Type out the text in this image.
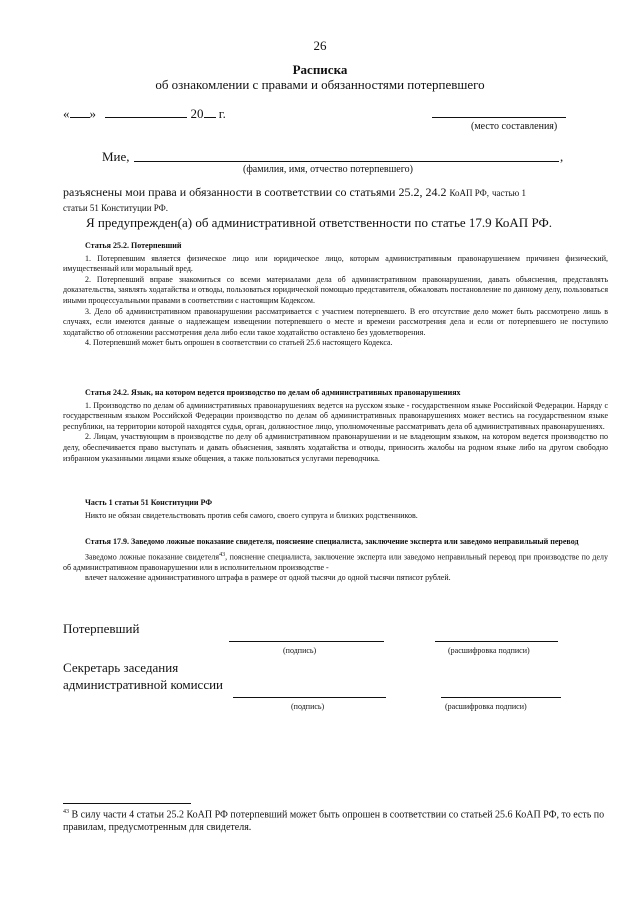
26
Расписка
об ознакомлении с правами и обязанностями потерпевшего
« »	20 г.
(место составления)
Мие,	,
(фамилия, имя, отчество потерпевшего)
разъяснены мои права и обязанности в соответствии со статьями 25.2, 24.2 КоАП РФ, частью 1
статьи 51 Конституции РФ.
Я предупрежден(а) об административной ответственности по статье 17.9 КоАП РФ.

Статья 25.2. Потерпевший

1. Потерпевшим является физическое лицо или юридическое лицо, которым административным правонарушением причинен физический, имущественный или моральный вред.

2. Потерпевший вправе знакомиться со всеми материалами дела об административном правонарушении, давать объяснения, представлять доказательства, заявлять ходатайства и отводы, пользоваться юридической помощью представителя, обжаловать постановление по данному делу, пользоваться иными процессуальными правами в соответствии с настоящим Кодексом.

3. Дело об административном правонарушении рассматривается с участием потерпевшего. В его отсутствие дело может быть рассмотрено лишь в случаях, если имеются данные о надлежащем извещении потерпевшего о месте и времени рассмотрения дела и если от потерпевшего не поступило ходатайство об отложении рассмотрения дела либо если такое ходатайство оставлено без удовлетворения.

4. Потерпевший может быть опрошен в соответствии со статьей 25.6 настоящего Кодекса.

Статья 24.2. Язык, на котором ведется производство по делам об административных правонарушениях

1. Производство по делам об административных правонарушениях ведется на русском языке - государственном языке Российской Федерации. Наряду с государственным языком Российской Федерации производство по делам об административных правонарушениях может вестись на государственном языке республики, на территории которой находятся судья, орган, должностное лицо, уполномоченные рассматривать дела об административных правонарушениях.

2. Лицам, участвующим в производстве по делу об административном правонарушении и не владеющим языком, на котором ведется производство по делу, обеспечивается право выступать и давать объяснения, заявлять ходатайства и отводы, приносить жалобы на родном языке либо на другом свободно избранном указанными лицами языке общения, а также пользоваться услугами переводчика.

Часть 1 статьи 51 Конституции РФ

Никто не обязан свидетельствовать против себя самого, своего супруга и близких родственников.

Статья 17.9. Заведомо ложные показание свидетеля, пояснение специалиста, заключение эксперта или заведомо неправильный перевод

Заведомо ложные показание свидетеля$^{43}$, пояснение специалиста, заключение эксперта или заведомо неправильный перевод при производстве по делу об административном правонарушении или в исполнительном производстве -

влечет наложение административного штрафа в размере от одной тысячи до одной тысячи пятисот рублей.

Потерпевший
(подпись)	(расшифровка подписи)
Секретарь заседания
административной комиссии
(подпись)	(расшифровка подписи)
$^{43}$ В силу части 4 статьи 25.2 КоАП РФ потерпевший может быть опрошен в соответствии со статьей 25.6 КоАП РФ, то есть по правилам, предусмотренным для свидетеля.
